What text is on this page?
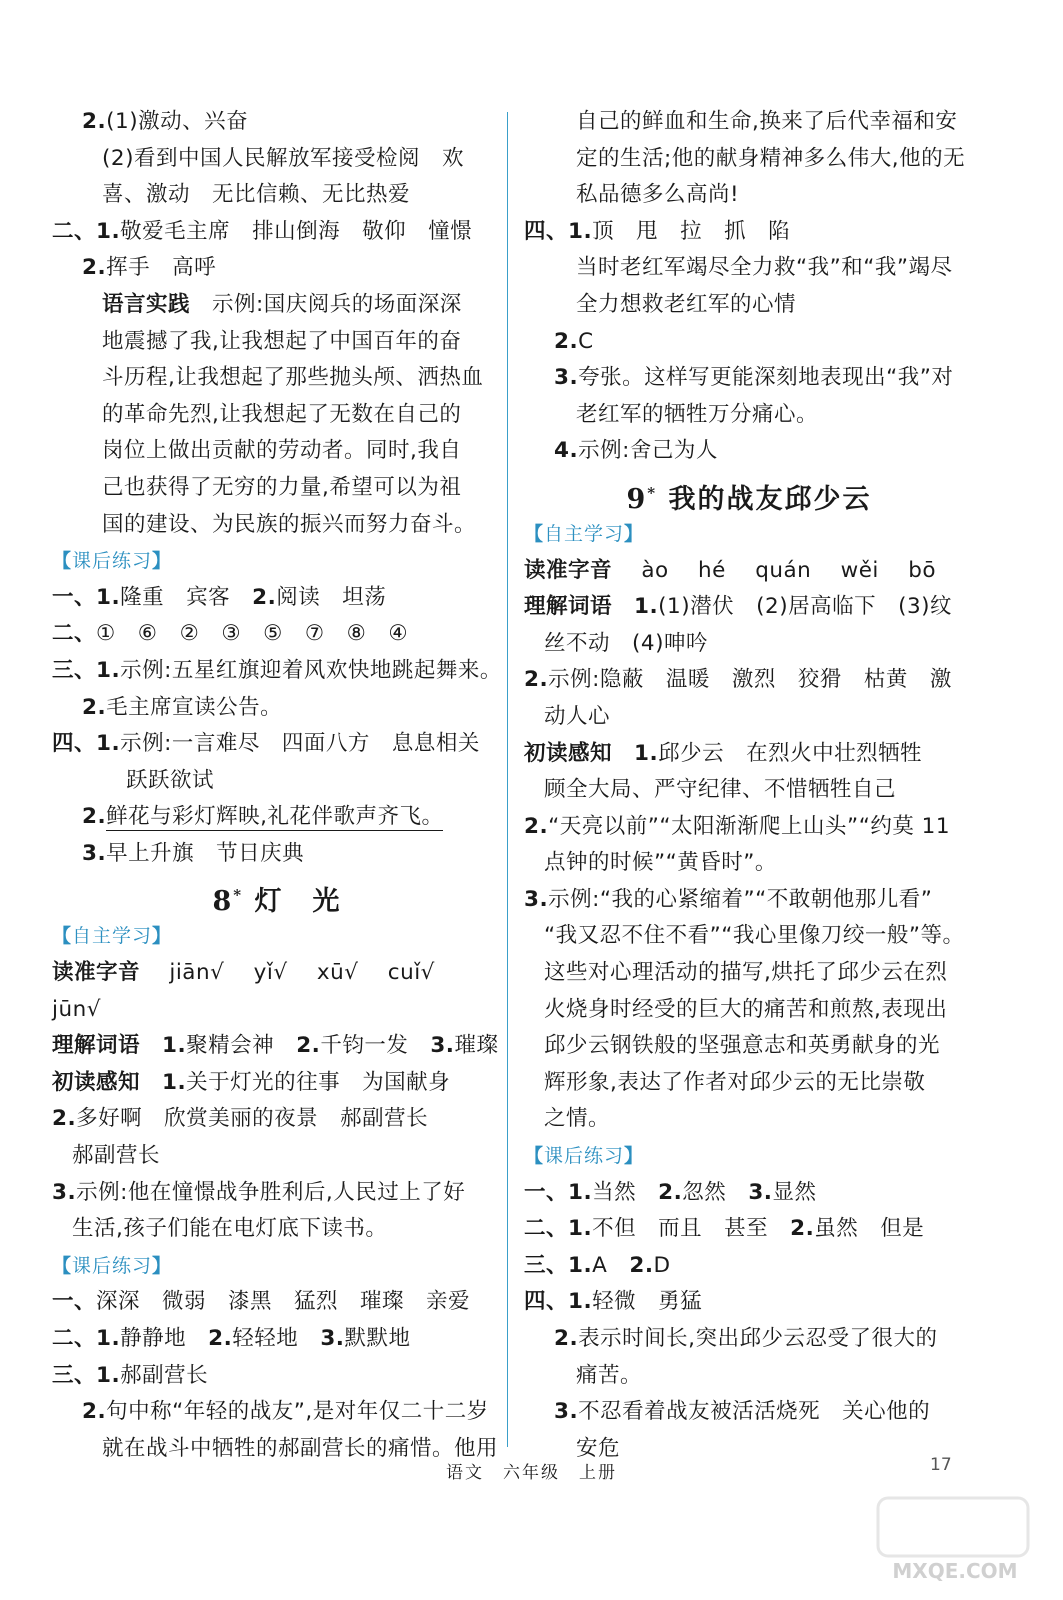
2.(1)激动、兴奋
(2)看到中国人民解放军接受检阅　欢
喜、激动　无比信赖、无比热爱
二、1.敬爱毛主席　排山倒海　敬仰　憧憬
2.挥手　高呼
语言实践　示例:国庆阅兵的场面深深
地震撼了我,让我想起了中国百年的奋
斗历程,让我想起了那些抛头颅、洒热血
的革命先烈,让我想起了无数在自己的
岗位上做出贡献的劳动者。同时,我自
己也获得了无穷的力量,希望可以为祖
国的建设、为民族的振兴而努力奋斗。
【课后练习】
一、1.隆重　宾客　2.阅读　坦荡
二、①　⑥　②　③　⑤　⑦　⑧　④
三、1.示例:五星红旗迎着风欢快地跳起舞来。
2.毛主席宣读公告。
四、1.示例:一言难尽　四面八方　息息相关
跃跃欲试
2.鲜花与彩灯辉映,礼花伴歌声齐飞。
3.早上升旗　节日庆典
8* 灯　光
【自主学习】
读准字音　 jiān√　 yǐ√　 xū√　 cuǐ√
jūn√
理解词语　 1.聚精会神　2.千钧一发　3.璀璨
初读感知　 1.关于灯光的往事　为国献身
2.多好啊　欣赏美丽的夜景　郝副营长
郝副营长
3.示例:他在憧憬战争胜利后,人民过上了好
生活,孩子们能在电灯底下读书。
【课后练习】
一、深深　微弱　漆黑　猛烈　璀璨　亲爱
二、1.静静地　2.轻轻地　3.默默地
三、1.郝副营长
2.句中称“年轻的战友”,是对年仅二十二岁
就在战斗中牺牲的郝副营长的痛惜。他用
自己的鲜血和生命,换来了后代幸福和安
定的生活;他的献身精神多么伟大,他的无
私品德多么高尚!
四、1.顶　甩　拉　抓　陷
当时老红军竭尽全力救“我”和“我”竭尽
全力想救老红军的心情
2.C
3.夸张。这样写更能深刻地表现出“我”对
老红军的牺牲万分痛心。
4.示例:舍己为人
9* 我的战友邱少云
【自主学习】
读准字音　 ào　 hé　 quán　 wěi　 bō
理解词语　 1.(1)潜伏　(2)居高临下　(3)纹
丝不动　(4)呻吟
2.示例:隐蔽　温暖　激烈　狡猾　枯黄　激
动人心
初读感知　 1.邱少云　在烈火中壮烈牺牲
顾全大局、严守纪律、不惜牺牲自己
2.“天亮以前”“太阳渐渐爬上山头”“约莫 11
点钟的时候”“黄昏时”。
3.示例:“我的心紧缩着”“不敢朝他那儿看”
“我又忍不住不看”“我心里像刀绞一般”等。
这些对心理活动的描写,烘托了邱少云在烈
火烧身时经受的巨大的痛苦和煎熬,表现出
邱少云钢铁般的坚强意志和英勇献身的光
辉形象,表达了作者对邱少云的无比崇敬
之情。
【课后练习】
一、1.当然　2.忽然　3.显然
二、1.不但　而且　甚至　2.虽然　但是
三、1.A　2.D
四、1.轻微　勇猛
2.表示时间长,突出邱少云忍受了很大的
痛苦。
3.不忍看着战友被活活烧死　关心他的
安危
语文　六年级　上册	17
MXQE.COM
